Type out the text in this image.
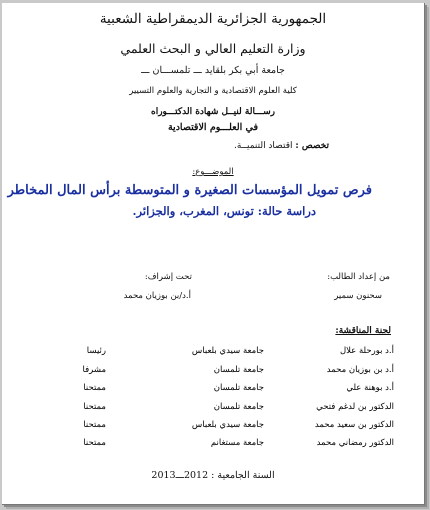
الجمهورية الجزائرية الديمقراطية الشعبية
وزارة التعليم العالي و البحث العلمي
جامعة أبي بكر بلقايد ـــ تلمســـان ـــ
كلية العلوم الاقتصادية و التجارية والعلوم التسيير
رســـالة لنيــل شهادة الدكتـــوراه
في العلـــوم الاقتصادية
تخصص : اقتصاد التنميــة.
الموضـــوع:
فرص تمويل المؤسسات الصغيرة و المتوسطة برأس المال المخاطر
دراسة حالة: تونس، المغرب، والجزائر.
من إعداد الطالب:
تحت إشراف:
سحنون سمير
أ.د/بن بوزيان محمد
لجنة المناقشة:
أ.د بورحلة علال
جامعة سيدي بلعباس
رئيسا
أ.د بن بوزيان محمد
جامعة تلمسان
مشرفا
أ.د بوهنة علي
جامعة تلمسان
ممتحنا
الدكتور بن لدغم فتحي
جامعة تلمسان
ممتحنا
الدكتور بن سعيد محمد
جامعة سيدي بلعباس
ممتحنا
الدكتور رمضاني محمد
جامعة مستغانم
ممتحنا
السنة الجامعية : 2012ـــ2013
